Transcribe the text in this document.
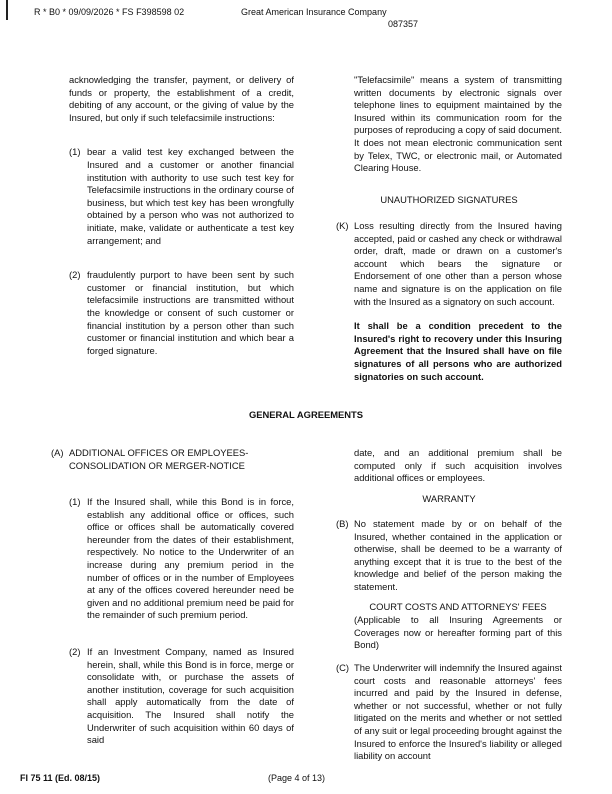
R * B0 * 09/09/2026 * FS F398598 02	Great American Insurance Company
087357

acknowledging the transfer, payment, or delivery of funds or property, the establishment of a credit, debiting of any account, or the giving of value by the Insured, but only if such telefacsimile instructions:

(1) bear a valid test key exchanged between the Insured and a customer or another financial institution with authority to use such test key for Telefacsimile instructions in the ordinary course of business, but which test key has been wrongfully obtained by a person who was not authorized to initiate, make, validate or authenticate a test key arrangement; and

(2) fraudulently purport to have been sent by such customer or financial institution, but which telefacsimile instructions are transmitted without the knowledge or consent of such customer or financial institution by a person other than such customer or financial institution and which bear a forged signature.

"Telefacsimile" means a system of transmitting written documents by electronic signals over telephone lines to equipment maintained by the Insured within its communication room for the purposes of reproducing a copy of said document. It does not mean electronic communication sent by Telex, TWC, or electronic mail, or Automated Clearing House.

UNAUTHORIZED SIGNATURES
(K) Loss resulting directly from the Insured having accepted, paid or cashed any check or withdrawal order, draft, made or drawn on a customer's account which bears the signature or Endorsement of one other than a person whose name and signature is on the application on file with the Insured as a signatory on such account.

It shall be a condition precedent to the Insured's right to recovery under this Insuring Agreement that the Insured shall have on file signatures of all persons who are authorized signatories on such account.

GENERAL AGREEMENTS
(A) ADDITIONAL OFFICES OR EMPLOYEES- CONSOLIDATION OR MERGER-NOTICE

(1) If the Insured shall, while this Bond is in force, establish any additional office or offices, such office or offices shall be automatically covered hereunder from the dates of their establishment, respectively. No notice to the Underwriter of an increase during any premium period in the number of offices or in the number of Employees at any of the offices covered hereunder need be given and no additional premium need be paid for the remainder of such premium period.

(2) If an Investment Company, named as Insured herein, shall, while this Bond is in force, merge or consolidate with, or purchase the assets of another institution, coverage for such acquisition shall apply automatically from the date of acquisition. The Insured shall notify the Underwriter of such acquisition within 60 days of said

date, and an additional premium shall be computed only if such acquisition involves additional offices or employees.
WARRANTY
(B) No statement made by or on behalf of the Insured, whether contained in the application or otherwise, shall be deemed to be a warranty of anything except that it is true to the best of the knowledge and belief of the person making the statement.

COURT COSTS AND ATTORNEYS' FEES

(Applicable to all Insuring Agreements or Coverages now or hereafter forming part of this Bond)

(C) The Underwriter will indemnify the Insured against court costs and reasonable attorneys' fees incurred and paid by the Insured in defense, whether or not successful, whether or not fully litigated on the merits and whether or not settled of any suit or legal proceeding brought against the Insured to enforce the Insured's liability or alleged liability on account

FI 75 11 (Ed. 08/15)	(Page 4 of 13)
